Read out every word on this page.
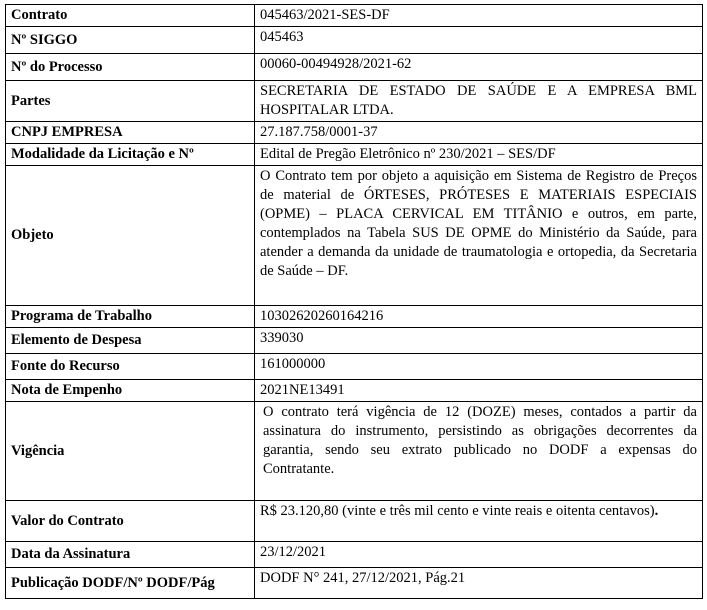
Contrato	045463/2021-SES-DF
Nº SIGGO	045463
Nº do Processo	00060-00494928/2021-62
Partes	SECRETARIA DE ESTADO DE SAÚDE E A EMPRESA BML HOSPITALAR LTDA.
CNPJ EMPRESA	27.187.758/0001-37
Modalidade da Licitação e Nº	Edital de Pregão Eletrônico nº 230/2021 – SES/DF
Objeto	O Contrato tem por objeto a aquisição em Sistema de Registro de Preços de material de ÓRTESES, PRÓTESES E MATERIAIS ESPECIAIS (OPME) – PLACA CERVICAL EM TITÂNIO e outros, em parte, contemplados na Tabela SUS DE OPME do Ministério da Saúde, para atender a demanda da unidade de traumatologia e ortopedia, da Secretaria de Saúde – DF.
Programa de Trabalho	10302620260164216
Elemento de Despesa	339030
Fonte do Recurso	161000000
Nota de Empenho	2021NE13491
Vigência	O contrato terá vigência de 12 (DOZE) meses, contados a partir da assinatura do instrumento, persistindo as obrigações decorrentes da garantia, sendo seu extrato publicado no DODF a expensas do Contratante.
Valor do Contrato	R$ 23.120,80 (vinte e três mil cento e vinte reais e oitenta centavos).
Data da Assinatura	23/12/2021
Publicação DODF/Nº DODF/Pág	DODF N° 241, 27/12/2021, Pág.21
